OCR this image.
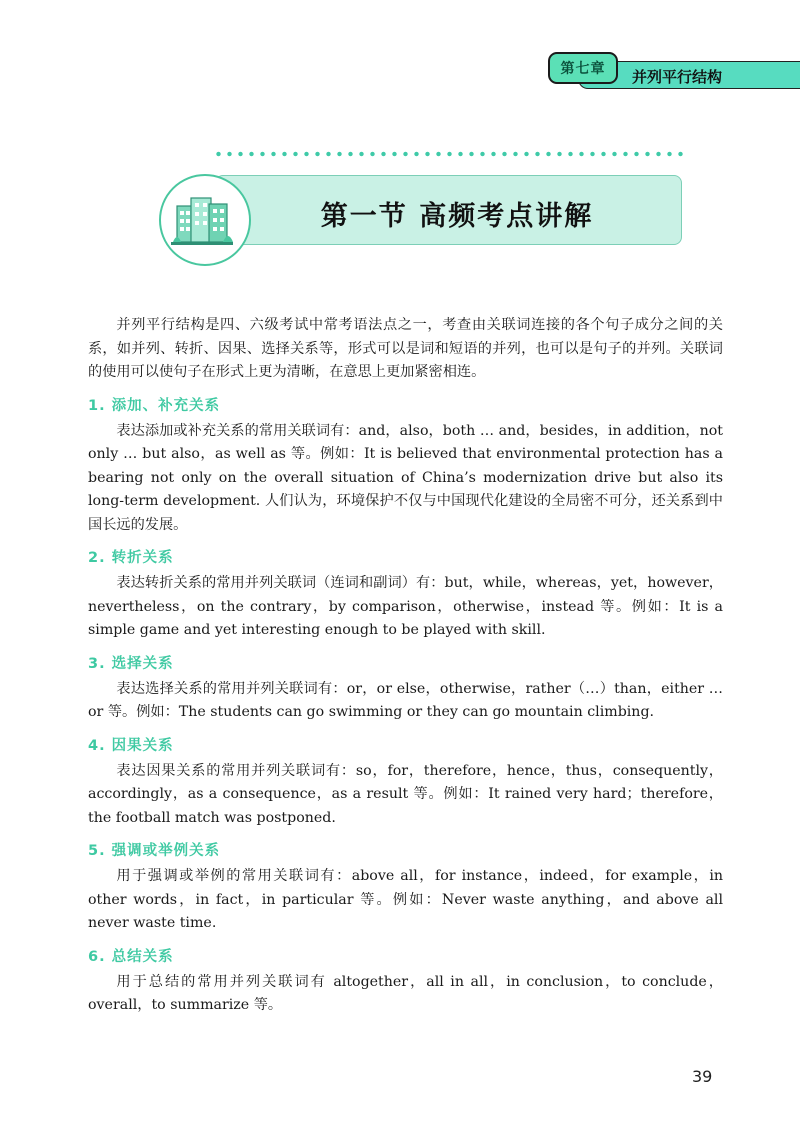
第七章	并列平行结构
第一节 高频考点讲解

并列平行结构是四、六级考试中常考语法点之一，考查由关联词连接的各个句子成分之间的关系，如并列、转折、因果、选择关系等，形式可以是词和短语的并列，也可以是句子的并列。关联词的使用可以使句子在形式上更为清晰，在意思上更加紧密相连。

1. 添加、补充关系

表达添加或补充关系的常用关联词有：and，also，both … and，besides，in addition，not only … but also，as well as 等。例如：It is believed that environmental protection has a bearing not only on the overall situation of China’s modernization drive but also its long-term development. 人们认为，环境保护不仅与中国现代化建设的全局密不可分，还关系到中国长远的发展。

2. 转折关系

表达转折关系的常用并列关联词（连词和副词）有：but，while，whereas，yet，however，nevertheless，on the contrary，by comparison，otherwise，instead 等。例如：It is a simple game and yet interesting enough to be played with skill.

3. 选择关系

表达选择关系的常用并列关联词有：or，or else，otherwise，rather（…）than，either … or 等。例如：The students can go swimming or they can go mountain climbing.

4. 因果关系

表达因果关系的常用并列关联词有：so，for，therefore，hence，thus，consequently，accordingly，as a consequence，as a result 等。例如：It rained very hard；therefore，the football match was postponed.

5. 强调或举例关系

用于强调或举例的常用关联词有：above all，for instance，indeed，for example，in other words，in fact，in particular 等。例如：Never waste anything，and above all never waste time.

6. 总结关系

用于总结的常用并列关联词有 altogether，all in all，in conclusion，to conclude，overall，to summarize 等。

39
